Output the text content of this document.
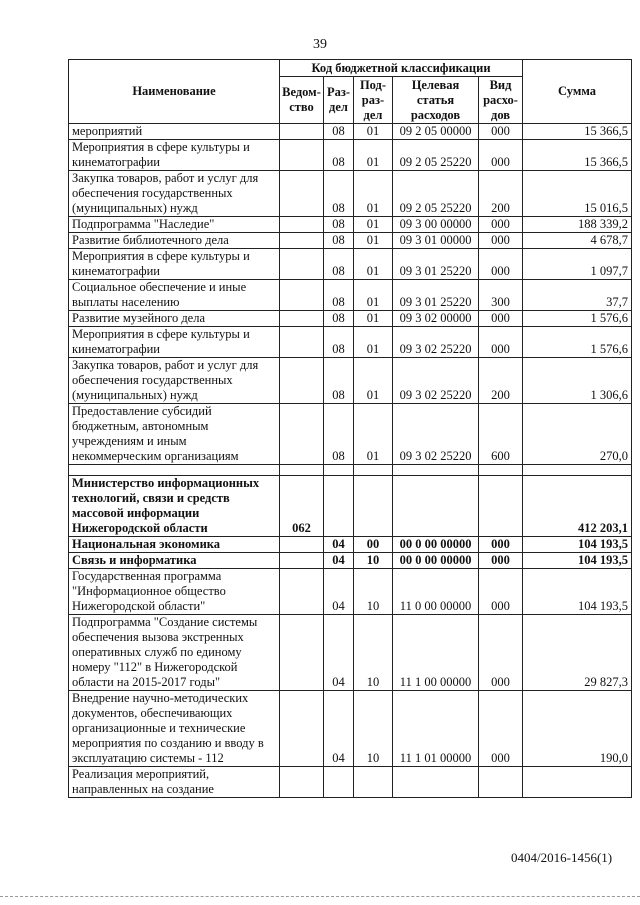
39
Наименование	Код бюджетной классификации					Сумма
	Ведом-ство	Раз-дел	Под-раз-дел	Целевая статья расходов	Вид расхо-дов	
мероприятий		08	01	09 2 05 00000	000	15 366,5
Мероприятия в сфере культуры и кинематографии		08	01	09 2 05 25220	000	15 366,5
Закупка товаров, работ и услуг для обеспечения государственных (муниципальных) нужд		08	01	09 2 05 25220	200	15 016,5
Подпрограмма "Наследие"		08	01	09 3 00 00000	000	188 339,2
Развитие библиотечного дела		08	01	09 3 01 00000	000	4 678,7
Мероприятия в сфере культуры и кинематографии		08	01	09 3 01 25220	000	1 097,7
Социальное обеспечение и иные выплаты населению		08	01	09 3 01 25220	300	37,7
Развитие музейного дела		08	01	09 3 02 00000	000	1 576,6
Мероприятия в сфере культуры и кинематографии		08	01	09 3 02 25220	000	1 576,6
Закупка товаров, работ и услуг для обеспечения государственных (муниципальных) нужд		08	01	09 3 02 25220	200	1 306,6
Предоставление субсидий бюджетным, автономным учреждениям и иным некоммерческим организациям		08	01	09 3 02 25220	600	270,0

Министерство информационных технологий, связи и средств массовой информации Нижегородской области	062					412 203,1
Национальная экономика		04	00	00 0 00 00000	000	104 193,5
Связь и информатика		04	10	00 0 00 00000	000	104 193,5
Государственная программа "Информационное общество Нижегородской области"		04	10	11 0 00 00000	000	104 193,5
Подпрограмма "Создание системы обеспечения вызова экстренных оперативных служб по единому номеру "112" в Нижегородской области на 2015-2017 годы"		04	10	11 1 00 00000	000	29 827,3
Внедрение научно-методических документов, обеспечивающих организационные и технические мероприятия по созданию и вводу в эксплуатацию системы - 112		04	10	11 1 01 00000	000	190,0
Реализация мероприятий, направленных на создание						
0404/2016-1456(1)
